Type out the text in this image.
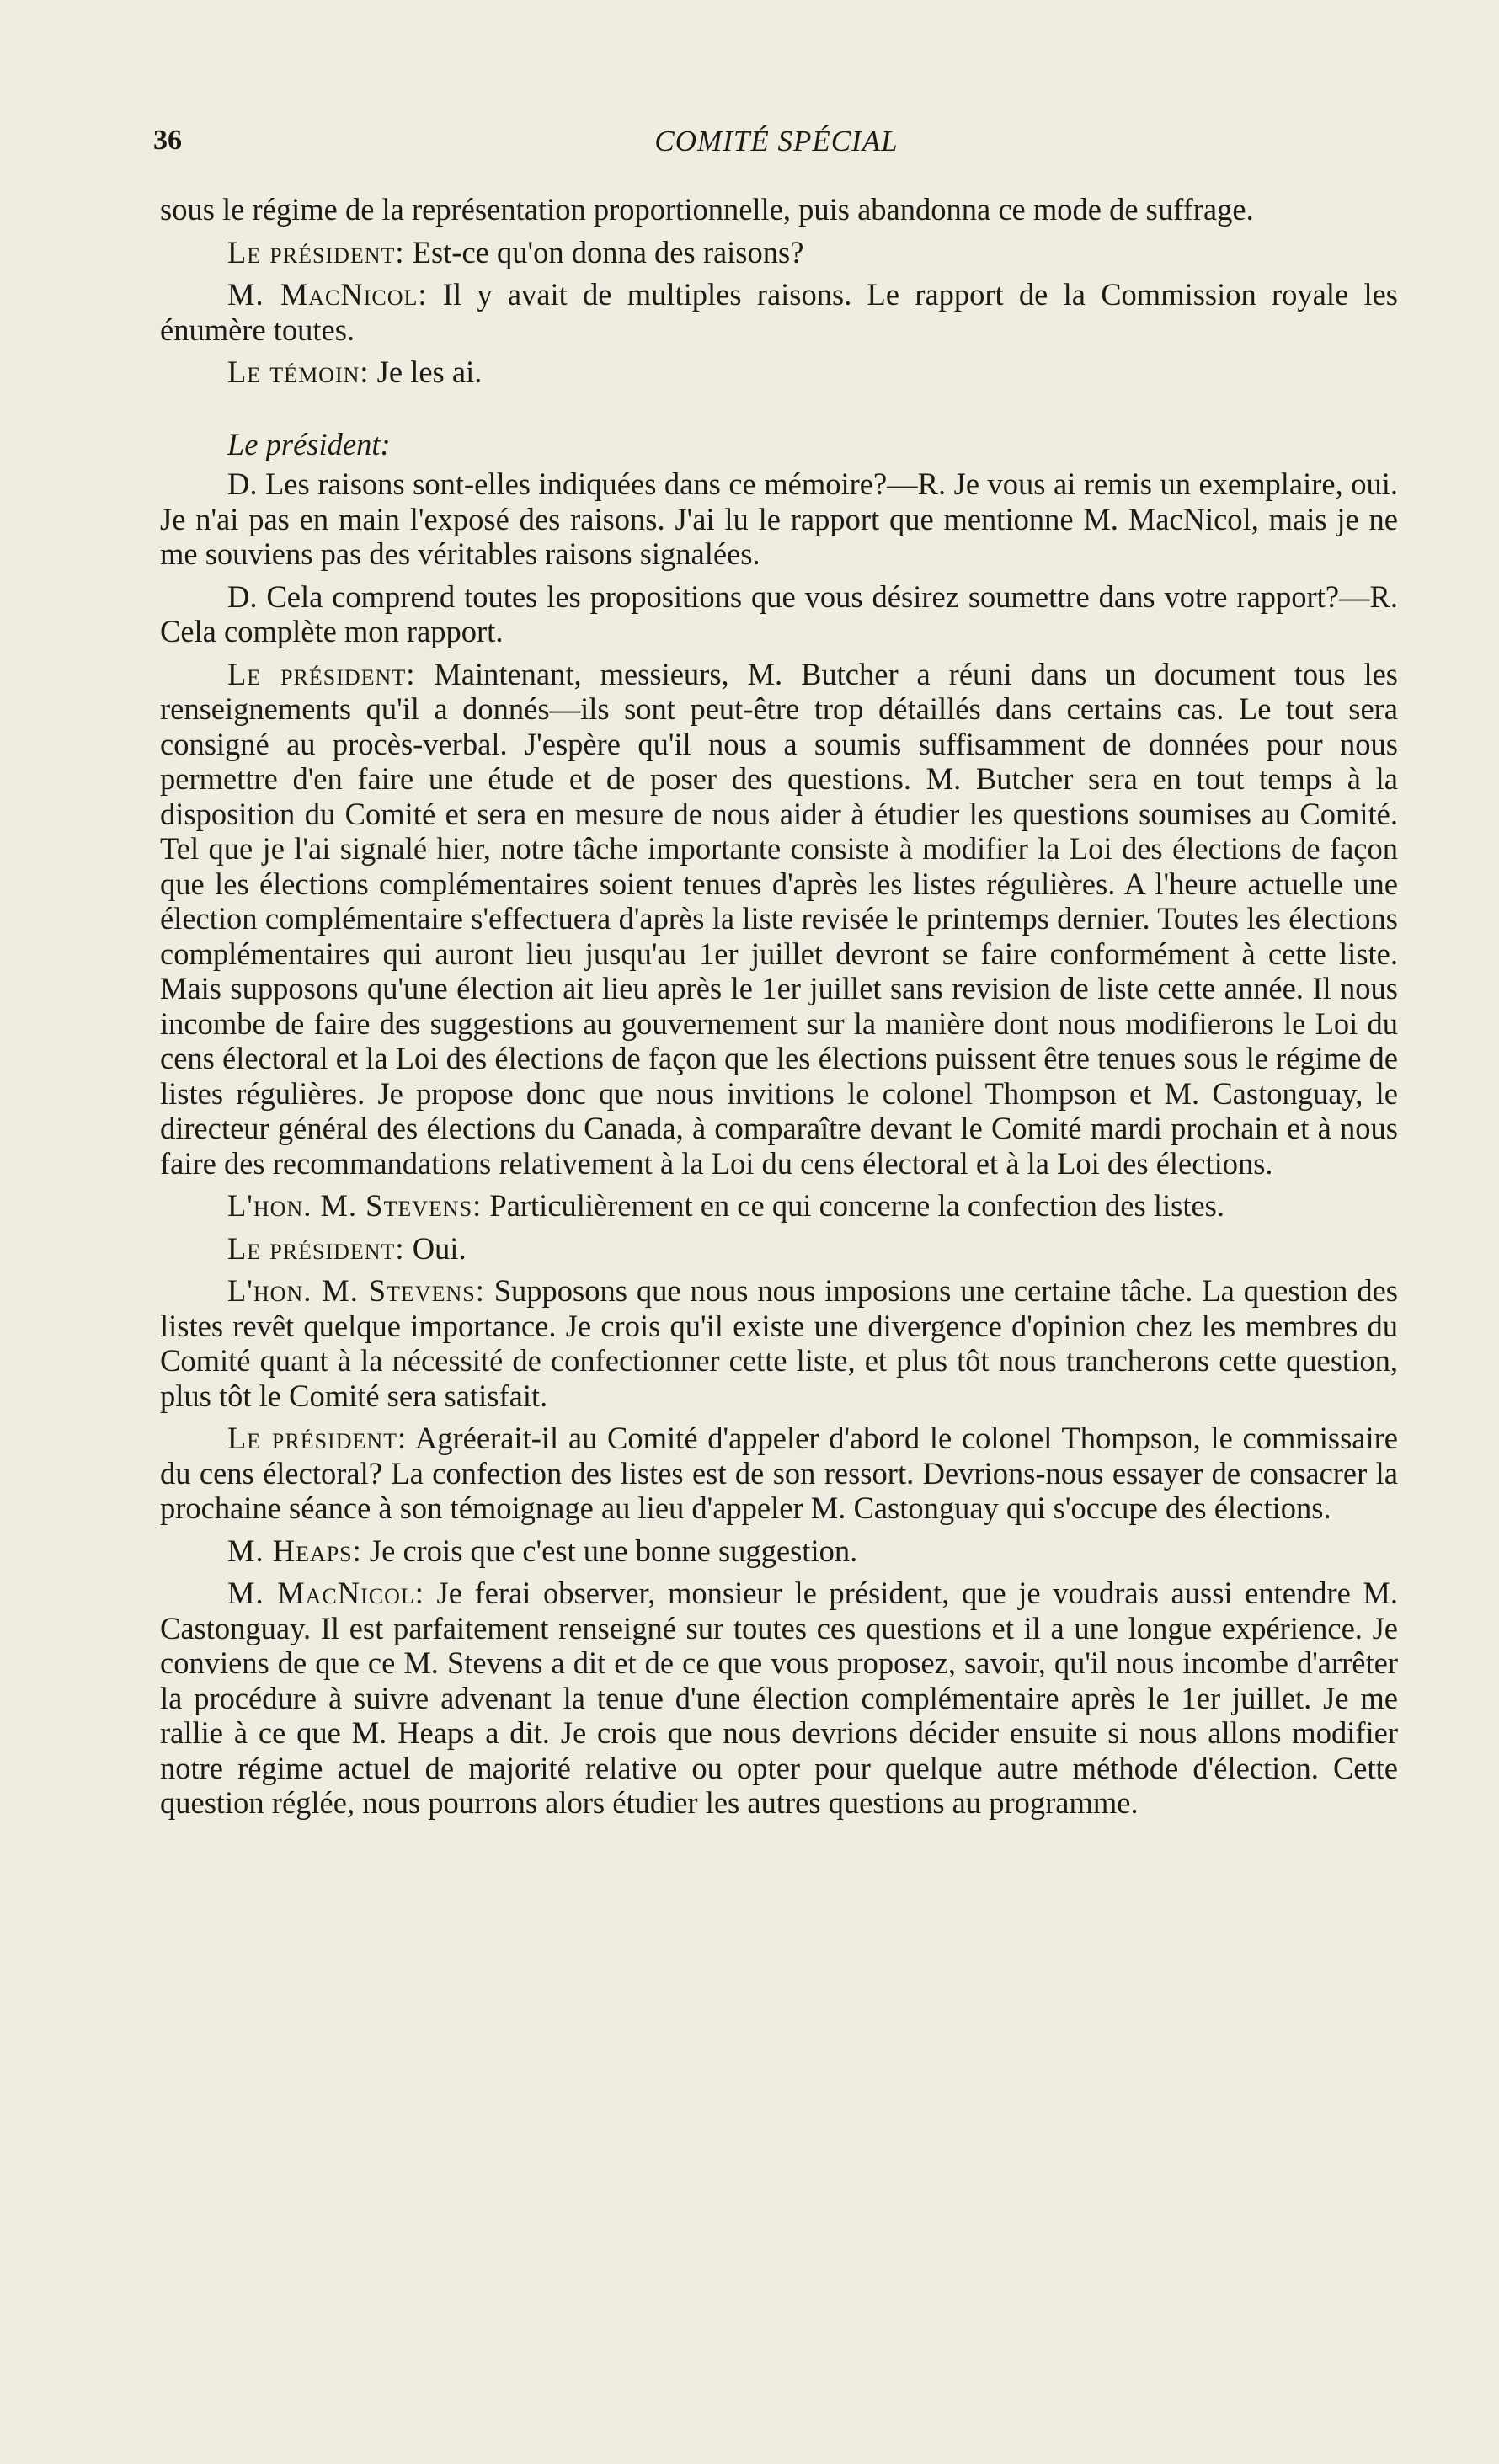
36	COMITÉ SPÉCIAL

sous le régime de la représentation proportionnelle, puis abandonna ce mode de suffrage.

Le président: Est-ce qu'on donna des raisons?

M. MacNicol: Il y avait de multiples raisons. Le rapport de la Commission royale les énumère toutes.

Le témoin: Je les ai.

Le président:

D. Les raisons sont-elles indiquées dans ce mémoire?—R. Je vous ai remis un exemplaire, oui. Je n'ai pas en main l'exposé des raisons. J'ai lu le rapport que mentionne M. MacNicol, mais je ne me souviens pas des véritables raisons signalées.

D. Cela comprend toutes les propositions que vous désirez soumettre dans votre rapport?—R. Cela complète mon rapport.

Le président: Maintenant, messieurs, M. Butcher a réuni dans un document tous les renseignements qu'il a donnés—ils sont peut-être trop détaillés dans certains cas. Le tout sera consigné au procès-verbal. J'espère qu'il nous a soumis suffisamment de données pour nous permettre d'en faire une étude et de poser des questions. M. Butcher sera en tout temps à la disposition du Comité et sera en mesure de nous aider à étudier les questions soumises au Comité. Tel que je l'ai signalé hier, notre tâche importante consiste à modifier la Loi des élections de façon que les élections complémentaires soient tenues d'après les listes régulières. A l'heure actuelle une élection complémentaire s'effectuera d'après la liste revisée le printemps dernier. Toutes les élections complémentaires qui auront lieu jusqu'au 1er juillet devront se faire conformément à cette liste. Mais supposons qu'une élection ait lieu après le 1er juillet sans revision de liste cette année. Il nous incombe de faire des suggestions au gouvernement sur la manière dont nous modifierons le Loi du cens électoral et la Loi des élections de façon que les élections puissent être tenues sous le régime de listes régulières. Je propose donc que nous invitions le colonel Thompson et M. Castonguay, le directeur général des élections du Canada, à comparaître devant le Comité mardi prochain et à nous faire des recommandations relativement à la Loi du cens électoral et à la Loi des élections.

L'hon. M. Stevens: Particulièrement en ce qui concerne la confection des listes.

Le président: Oui.

L'hon. M. Stevens: Supposons que nous nous imposions une certaine tâche. La question des listes revêt quelque importance. Je crois qu'il existe une divergence d'opinion chez les membres du Comité quant à la nécessité de confectionner cette liste, et plus tôt nous trancherons cette question, plus tôt le Comité sera satisfait.

Le président: Agréerait-il au Comité d'appeler d'abord le colonel Thompson, le commissaire du cens électoral? La confection des listes est de son ressort. Devrions-nous essayer de consacrer la prochaine séance à son témoignage au lieu d'appeler M. Castonguay qui s'occupe des élections.

M. Heaps: Je crois que c'est une bonne suggestion.

M. MacNicol: Je ferai observer, monsieur le président, que je voudrais aussi entendre M. Castonguay. Il est parfaitement renseigné sur toutes ces questions et il a une longue expérience. Je conviens de que ce M. Stevens a dit et de ce que vous proposez, savoir, qu'il nous incombe d'arrêter la procédure à suivre advenant la tenue d'une élection complémentaire après le 1er juillet. Je me rallie à ce que M. Heaps a dit. Je crois que nous devrions décider ensuite si nous allons modifier notre régime actuel de majorité relative ou opter pour quelque autre méthode d'élection. Cette question réglée, nous pourrons alors étudier les autres questions au programme.
